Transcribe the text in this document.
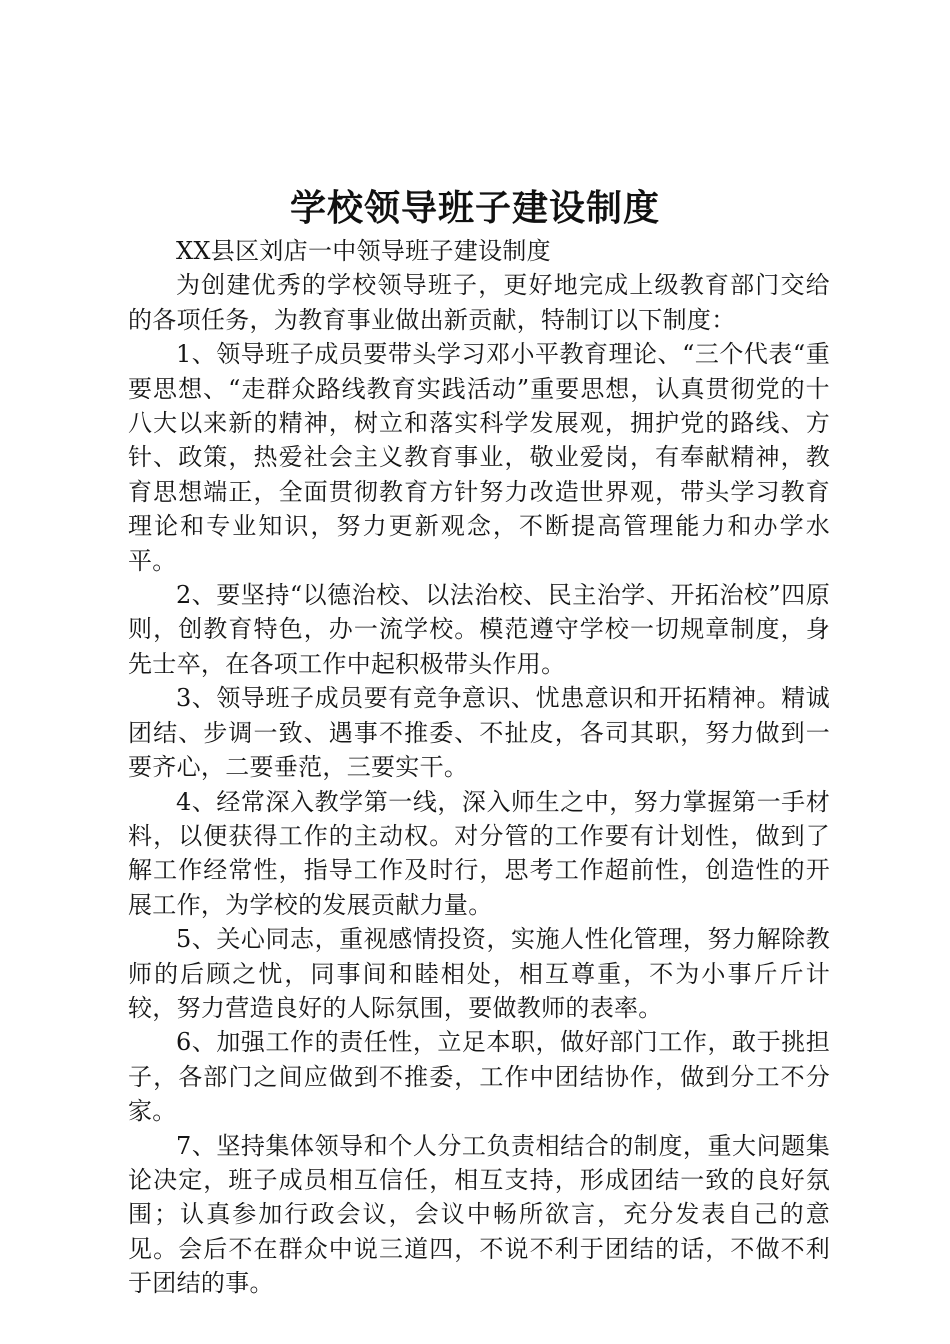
学校领导班子建设制度

XX县区刘店一中领导班子建设制度

为创建优秀的学校领导班子，更好地完成上级教育部门交给的各项任务，为教育事业做出新贡献，特制订以下制度：

1、领导班子成员要带头学习邓小平教育理论、“三个代表“重要思想、“走群众路线教育实践活动”重要思想，认真贯彻党的十八大以来新的精神，树立和落实科学发展观，拥护党的路线、方针、政策，热爱社会主义教育事业，敬业爱岗，有奉献精神，教育思想端正，全面贯彻教育方针努力改造世界观，带头学习教育理论和专业知识，努力更新观念，不断提高管理能力和办学水平。

2、要坚持“以德治校、以法治校、民主治学、开拓治校”四原则，创教育特色，办一流学校。模范遵守学校一切规章制度，身先士卒，在各项工作中起积极带头作用。

3、领导班子成员要有竞争意识、忧患意识和开拓精神。精诚团结、步调一致、遇事不推委、不扯皮，各司其职，努力做到一要齐心，二要垂范，三要实干。

4、经常深入教学第一线，深入师生之中，努力掌握第一手材料，以便获得工作的主动权。对分管的工作要有计划性，做到了解工作经常性，指导工作及时行，思考工作超前性，创造性的开展工作，为学校的发展贡献力量。

5、关心同志，重视感情投资，实施人性化管理，努力解除教师的后顾之忧，同事间和睦相处，相互尊重，不为小事斤斤计较，努力营造良好的人际氛围，要做教师的表率。

6、加强工作的责任性，立足本职，做好部门工作，敢于挑担子，各部门之间应做到不推委，工作中团结协作，做到分工不分家。

7、坚持集体领导和个人分工负责相结合的制度，重大问题集论决定，班子成员相互信任，相互支持，形成团结一致的良好氛围；认真参加行政会议，会议中畅所欲言，充分发表自己的意见。会后不在群众中说三道四，不说不利于团结的话，不做不利于团结的事。
